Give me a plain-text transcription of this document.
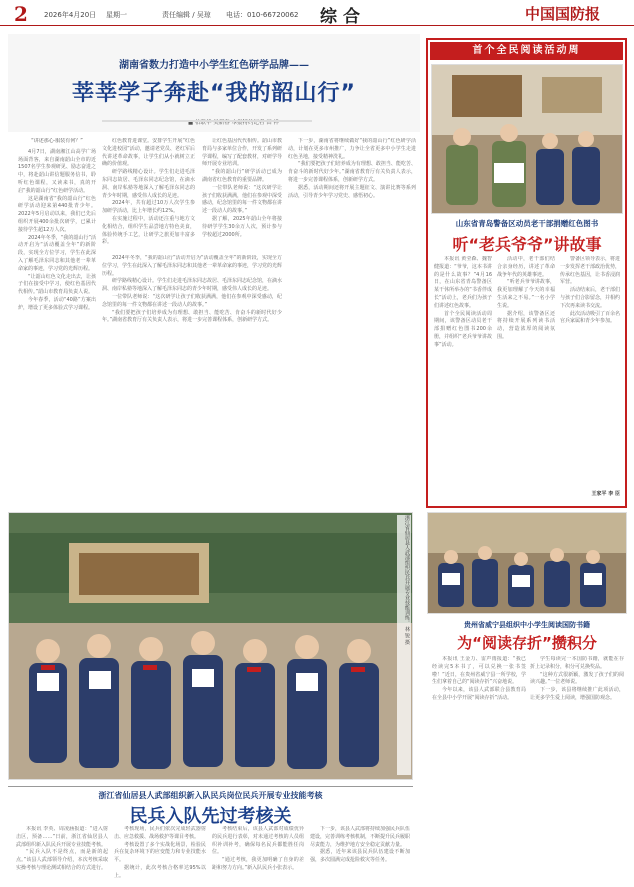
2 2026年4月20日 星期一	责任编辑 / 吴琼 电话：010-66720062 综合	中国国防报
湖南省数力打造中小学生红色研学品牌——
莘莘学子奔赴“我的韶山行”
■ 柏联华 吴新春 本报特约记者 田 祥
“讲述那心·服装有何？”

4月7日，湖南湘江山高学广场场面背客，来自湖南韶山全市的近1507名学生参观研见、励志奋进之中，将赴韶山讲信题服务信书，聆听红色课程，又读来书，真的开启“我的韶山行”红色研学活动。

这是湖南省“我的韶山行”红色研学活动迎来第440批青少年。2022年5月启动以来，我们已先后组织开展400余批次研学，已累计接待学生超12万人次。

2024年冬季，“我的韶山行”活动开启为“活动覆盖全年”的新阶段，实现全方位学习，学生在此深入了解毛泽东同志和其他老一辈革命家的事迹，学习党的光辉历程。

“让韶山红色文化走出去，让孩子们在接受中学习，使红色基因代代相传。”韶山市教育局负责人说。

今年春季，活动“40路”方案出炉，增设了更多体验式学习课程。

红色教育进课堂。安排学生开展“红色文化进校园”活动，邀请老党员、老红军后代讲述革命故事，让学生们从小就树立正确的价值观。

研学路线精心设计。学生们走进毛泽东同志故居、毛泽东同志纪念馆，在滴水洞、南岸私塾等地深入了解毛泽东同志的青少年时期，感受伟人成长的足迹。

2024年，共有超过10万人次学生参加研学活动，比上年增长约12%。

在实施过程中，活动还注重与地方文化相结合，组织学生品尝地方特色美食，体验传统手工艺，让研学之旅更加丰富多彩。

让红色基因代代相传。韶山市教育局与多家单位合作，开发了系列研学课程，编写了配套教材，对研学导师开展专业培训。

“我的韶山行”研学活动已成为湖南省红色教育的重要品牌。

一位带队老师说：“这次研学让孩子们收获满满，他们在参观中深受感动，纪念馆里的每一件文物都在讲述一段动人的故事。”

据了解，2025年韶山全年将接待研学学生30余万人次，预计参与学校超过2000所。

下一步，湖南省将继续做好“我的韶山行”红色研学活动，计划在更多市州推广，力争让全省更多中小学生走进红色圣地，接受精神洗礼。

“我们要把孩子们培养成为有理想、敢担当、能吃苦、肯奋斗的新时代好少年。”湖南省教育厅有关负责人表示，将进一步完善课程体系，创新研学方式。

据悉，活动期间还将开展主题征文、演讲比赛等系列活动，引导青少年学习党史、感悟初心。

2024年冬季，“我的韶山行”活动开启为“活动覆盖全年”的新阶段，实现全方位学习，学生在此深入了解毛泽东同志和其他老一辈革命家的事迹，学习党的光辉历程。

研学路线精心设计。学生们走进毛泽东同志故居、毛泽东同志纪念馆，在滴水洞、南岸私塾等地深入了解毛泽东同志的青少年时期，感受伟人成长的足迹。

一位带队老师说：“这次研学让孩子们收获满满，他们在参观中深受感动，纪念馆里的每一件文物都在讲述一段动人的故事。”

“我们要把孩子们培养成为有理想、敢担当、能吃苦、肯奋斗的新时代好少年。”湖南省教育厅有关负责人表示，将进一步完善课程体系，创新研学方式。

浙江省仙居县人武部组织民兵开展专业技能训练。 林 锐 摄
浙江省仙居县人武部组织新入队民兵岗位民兵开展专业技能考核
民兵入队先过考核关

本报讯 李英、周凌涵报道：“进入射击区，预备……”日前，浙江省仙居县人武部组织新入队民兵开展专业技能考核。

“民兵入队不是终点，而是新的起点。”该县人武部领导介绍，本次考核采取实操考核与理论测试相结合的方式进行。

考核现场，民兵们依次完成轻武器射击、应急救援、战场救护等课目考核。

考核设置了多个实战化场景，检验民兵在复杂环境下的应变能力和专业技能水平。

据统计，此次考核合格率达95%以上。

考核结束后，该县人武部对成绩优异的民兵进行表彰，对未通过考核的人员组织补训补考，确保每名民兵都能胜任岗位。

“通过考核，我更加明确了自身的差距和努力方向。”新入队民兵小张表示。

下一步，该县人武部将持续加强民兵队伍建设，完善训练考核机制，不断提升民兵履职尽责能力，为维护地方安全稳定贡献力量。

据悉，近年来该县民兵队伍建设不断加强，多次圆满完成抢险救灾等任务。

首个全民阅读活动周
山东省青岛警备区动员老干部捐赠红色图书
听“老兵爷爷”讲故事

本报讯 黄莹森、魏智健报道：“爷爷，这本书讲的是什么故事？”4月16日，在山东省青岛警备区某干休所举办的“书香伴成长”活动上，老兵们为孩子们讲述红色故事。

首个全民阅读活动周期间，该警备区动员老干部捐赠红色图书200余册，并组织“老兵爷爷讲故事”活动。

活动中，老干部们结合亲身经历，讲述了革命战争年代的英雄事迹。

“听老兵爷爷讲故事，我更加理解了今天的幸福生活来之不易。”一名小学生说。

据介绍，该警备区还将持续开展系列读书活动，营造浓厚的阅读氛围。

警备区领导表示，将进一步发挥老干部政治优势，传承红色基因，让书香浸润军营。

活动结束后，老干部们与孩子们合影留念，并相约下次再来读书交流。

此次活动吸引了百余名官兵家属和青少年参加。

王家平 李 臣
贵州省威宁县组织中小学生阅读国防书籍
为“阅读存折”攒积分

本报讯 王金力、雷声雨报道：“我已经读完5本书了，可以兑换一张书签啦！”近日，在贵州省威宁县一所学校，学生们拿着自己的“阅读存折”兴奋地说。

今年以来，该县人武部联合县教育局在全县中小学开展“阅读存折”活动。

学生每读完一本国防书籍，就能在存折上记录积分，积分可兑换奖品。

“这种方式很新颖，激发了孩子们的阅读兴趣。”一位老师说。

下一步，该县将继续推广此项活动，让更多学生爱上阅读，增强国防观念。
